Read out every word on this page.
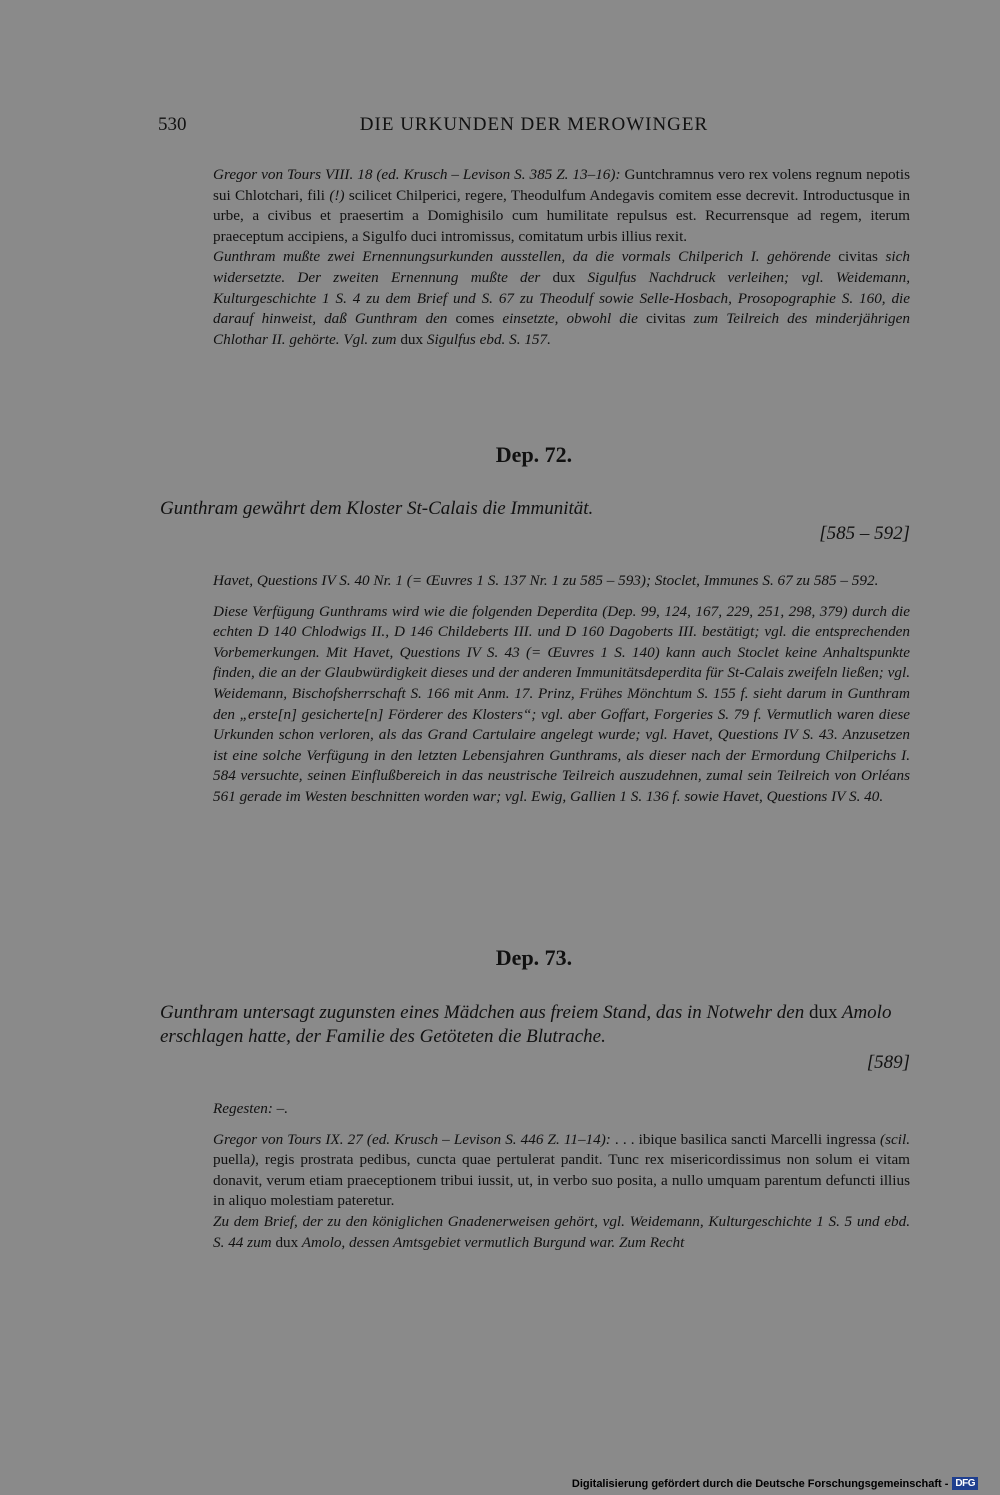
530	DIE URKUNDEN DER MEROWINGER

Gregor von Tours VIII. 18 (ed. Krusch – Levison S. 385 Z. 13–16): Guntchramnus vero rex volens regnum nepotis sui Chlotchari, fili (!) scilicet Chilperici, regere, Theodulfum Andegavis comitem esse decrevit. Introductusque in urbe, a civibus et praesertim a Domighisilo cum humilitate repulsus est. Recurrensque ad regem, iterum praeceptum accipiens, a Sigulfo duci intromissus, comitatum urbis illius rexit.

Gunthram mußte zwei Ernennungsurkunden ausstellen, da die vormals Chilperich I. gehörende civitas sich widersetzte. Der zweiten Ernennung mußte der dux Sigulfus Nachdruck verleihen; vgl. Weidemann, Kulturgeschichte 1 S. 4 zu dem Brief und S. 67 zu Theodulf sowie Selle-Hosbach, Prosopographie S. 160, die darauf hinweist, daß Gunthram den comes einsetzte, obwohl die civitas zum Teilreich des minderjährigen Chlothar II. gehörte. Vgl. zum dux Sigulfus ebd. S. 157.

Dep. 72.
Gunthram gewährt dem Kloster St-Calais die Immunität.
[585 – 592]

Havet, Questions IV S. 40 Nr. 1 (= Œuvres 1 S. 137 Nr. 1 zu 585 – 593); Stoclet, Immunes S. 67 zu 585 – 592.

Diese Verfügung Gunthrams wird wie die folgenden Deperdita (Dep. 99, 124, 167, 229, 251, 298, 379) durch die echten D 140 Chlodwigs II., D 146 Childeberts III. und D 160 Dagoberts III. bestätigt; vgl. die entsprechenden Vorbemerkungen. Mit Havet, Questions IV S. 43 (= Œuvres 1 S. 140) kann auch Stoclet keine Anhaltspunkte finden, die an der Glaubwürdigkeit dieses und der anderen Immunitätsdeperdita für St-Calais zweifeln ließen; vgl. Weidemann, Bischofsherrschaft S. 166 mit Anm. 17. Prinz, Frühes Mönchtum S. 155 f. sieht darum in Gunthram den „erste[n] gesicherte[n] Förderer des Klosters“; vgl. aber Goffart, Forgeries S. 79 f. Vermutlich waren diese Urkunden schon verloren, als das Grand Cartulaire angelegt wurde; vgl. Havet, Questions IV S. 43. Anzusetzen ist eine solche Verfügung in den letzten Lebensjahren Gunthrams, als dieser nach der Ermordung Chilperichs I. 584 versuchte, seinen Einflußbereich in das neustrische Teilreich auszudehnen, zumal sein Teilreich von Orléans 561 gerade im Westen beschnitten worden war; vgl. Ewig, Gallien 1 S. 136 f. sowie Havet, Questions IV S. 40.

Dep. 73.
Gunthram untersagt zugunsten eines Mädchen aus freiem Stand, das in Notwehr den dux Amolo erschlagen hatte, der Familie des Getöteten die Blutrache.
[589]

Regesten: –.

Gregor von Tours IX. 27 (ed. Krusch – Levison S. 446 Z. 11–14): . . . ibique basilica sancti Marcelli ingressa (scil. puella), regis prostrata pedibus, cuncta quae pertulerat pandit. Tunc rex misericordissimus non solum ei vitam donavit, verum etiam praeceptionem tribui iussit, ut, in verbo suo posita, a nullo umquam parentum defuncti illius in aliquo molestiam pateretur.

Zu dem Brief, der zu den königlichen Gnadenerweisen gehört, vgl. Weidemann, Kulturgeschichte 1 S. 5 und ebd. S. 44 zum dux Amolo, dessen Amtsgebiet vermutlich Burgund war. Zum Recht

Digitalisierung gefördert durch die Deutsche Forschungsgemeinschaft - DFG
